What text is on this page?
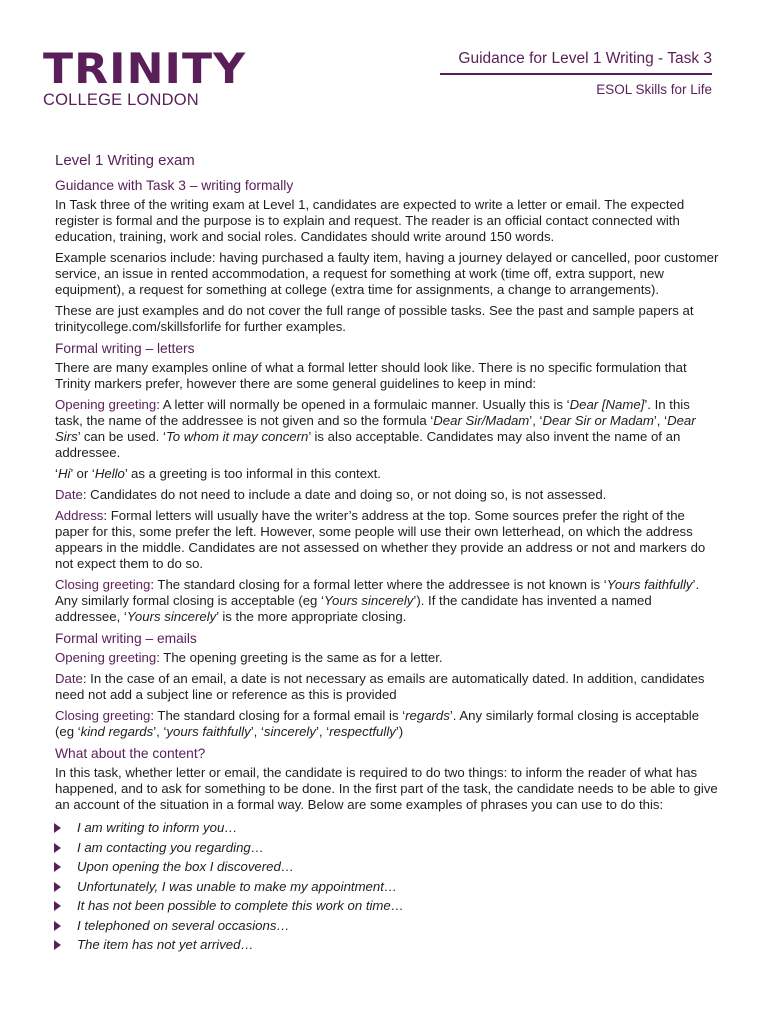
TRINITY
COLLEGE LONDON
Guidance for Level 1 Writing - Task 3
ESOL Skills for Life
Level 1 Writing exam
Guidance with Task 3 – writing formally

In Task three of the writing exam at Level 1, candidates are expected to write a letter or email. The expected register is formal and the purpose is to explain and request. The reader is an official contact connected with education, training, work and social roles. Candidates should write around 150 words.

Example scenarios include: having purchased a faulty item, having a journey delayed or cancelled, poor customer service, an issue in rented accommodation, a request for something at work (time off, extra support, new equipment), a request for something at college (extra time for assignments, a change to arrangements).

These are just examples and do not cover the full range of possible tasks. See the past and sample papers at trinitycollege.com/skillsforlife for further examples.

Formal writing – letters

There are many examples online of what a formal letter should look like. There is no specific formulation that Trinity markers prefer, however there are some general guidelines to keep in mind:

Opening greeting: A letter will normally be opened in a formulaic manner. Usually this is ‘Dear [Name]’. In this task, the name of the addressee is not given and so the formula ‘Dear Sir/Madam’, ‘Dear Sir or Madam’, ‘Dear Sirs’ can be used. ‘To whom it may concern’ is also acceptable. Candidates may also invent the name of an addressee.

‘Hi’ or ‘Hello’ as a greeting is too informal in this context.

Date: Candidates do not need to include a date and doing so, or not doing so, is not assessed.

Address: Formal letters will usually have the writer’s address at the top. Some sources prefer the right of the paper for this, some prefer the left. However, some people will use their own letterhead, on which the address appears in the middle. Candidates are not assessed on whether they provide an address or not and markers do not expect them to do so.

Closing greeting: The standard closing for a formal letter where the addressee is not known is ‘Yours faithfully’. Any similarly formal closing is acceptable (eg ‘Yours sincerely’). If the candidate has invented a named addressee, ‘Yours sincerely’ is the more appropriate closing.

Formal writing – emails

Opening greeting: The opening greeting is the same as for a letter.

Date: In the case of an email, a date is not necessary as emails are automatically dated. In addition, candidates need not add a subject line or reference as this is provided

Closing greeting: The standard closing for a formal email is ‘regards’. Any similarly formal closing is acceptable (eg ‘kind regards’, ‘yours faithfully’, ‘sincerely’, ‘respectfully’)

What about the content?

In this task, whether letter or email, the candidate is required to do two things: to inform the reader of what has happened, and to ask for something to be done. In the first part of the task, the candidate needs to be able to give an account of the situation in a formal way. Below are some examples of phrases you can use to do this:

I am writing to inform you…
I am contacting you regarding…
Upon opening the box I discovered…
Unfortunately, I was unable to make my appointment…
It has not been possible to complete this work on time…
I telephoned on several occasions…
The item has not yet arrived…
